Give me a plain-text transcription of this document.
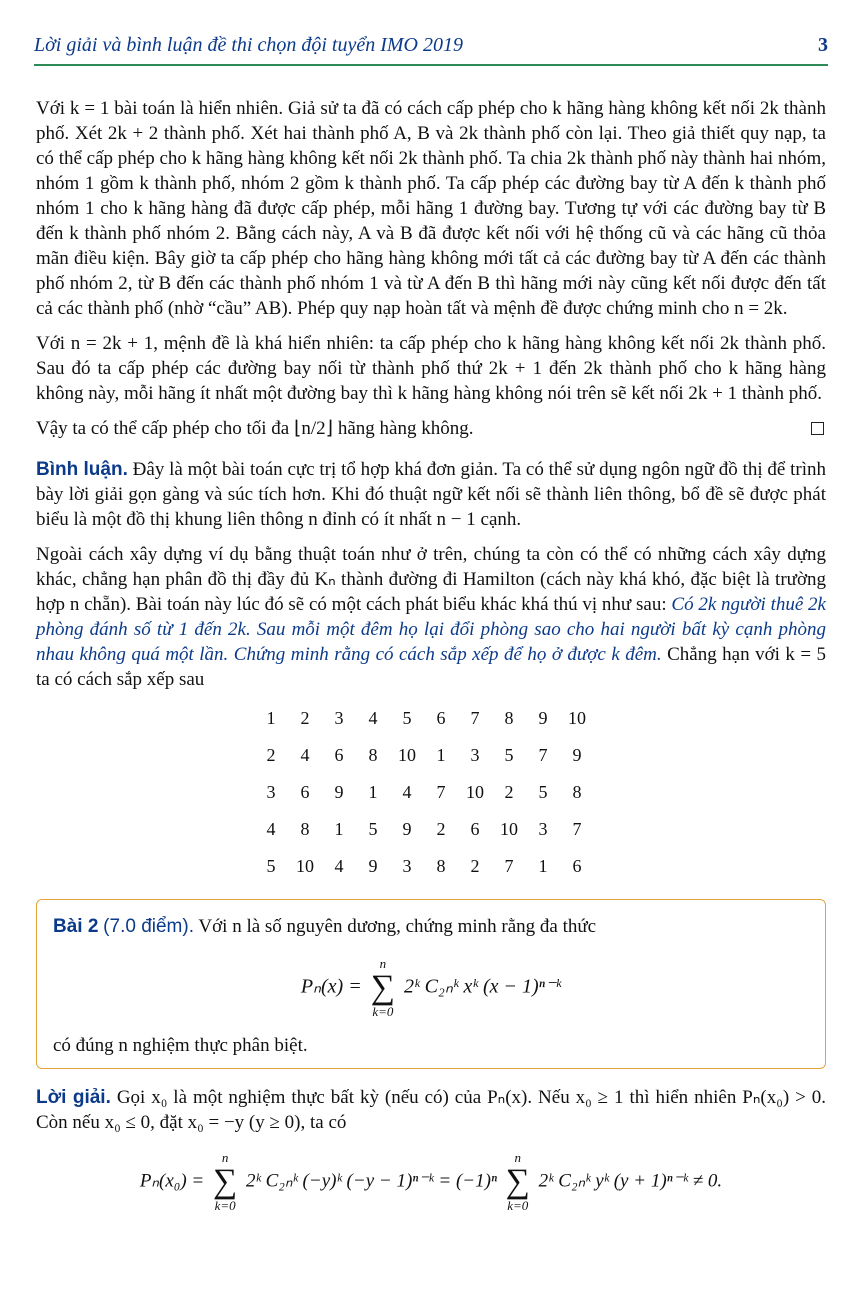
Lời giải và bình luận đề thi chọn đội tuyển IMO 2019	3

Với k = 1 bài toán là hiển nhiên. Giả sử ta đã có cách cấp phép cho k hãng hàng không kết nối 2k thành phố. Xét 2k + 2 thành phố. Xét hai thành phố A, B và 2k thành phố còn lại. Theo giả thiết quy nạp, ta có thể cấp phép cho k hãng hàng không kết nối 2k thành phố. Ta chia 2k thành phố này thành hai nhóm, nhóm 1 gồm k thành phố, nhóm 2 gồm k thành phố. Ta cấp phép các đường bay từ A đến k thành phố nhóm 1 cho k hãng hàng đã được cấp phép, mỗi hãng 1 đường bay. Tương tự với các đường bay từ B đến k thành phố nhóm 2. Bằng cách này, A và B đã được kết nối với hệ thống cũ và các hãng cũ thỏa mãn điều kiện. Bây giờ ta cấp phép cho hãng hàng không mới tất cả các đường bay từ A đến các thành phố nhóm 2, từ B đến các thành phố nhóm 1 và từ A đến B thì hãng mới này cũng kết nối được đến tất cả các thành phố (nhờ “cầu” AB). Phép quy nạp hoàn tất và mệnh đề được chứng minh cho n = 2k.

Với n = 2k + 1, mệnh đề là khá hiển nhiên: ta cấp phép cho k hãng hàng không kết nối 2k thành phố. Sau đó ta cấp phép các đường bay nối từ thành phố thứ 2k + 1 đến 2k thành phố cho k hãng hàng không này, mỗi hãng ít nhất một đường bay thì k hãng hàng không nói trên sẽ kết nối 2k + 1 thành phố.

Vậy ta có thể cấp phép cho tối đa ⌊n/2⌋ hãng hàng không.

Bình luận. Đây là một bài toán cực trị tổ hợp khá đơn giản. Ta có thể sử dụng ngôn ngữ đồ thị để trình bày lời giải gọn gàng và súc tích hơn. Khi đó thuật ngữ kết nối sẽ thành liên thông, bổ đề sẽ được phát biểu là một đồ thị khung liên thông n đỉnh có ít nhất n − 1 cạnh.

Ngoài cách xây dựng ví dụ bằng thuật toán như ở trên, chúng ta còn có thể có những cách xây dựng khác, chẳng hạn phân đồ thị đầy đủ Kₙ thành đường đi Hamilton (cách này khá khó, đặc biệt là trường hợp n chẵn). Bài toán này lúc đó sẽ có một cách phát biểu khác khá thú vị như sau: Có 2k người thuê 2k phòng đánh số từ 1 đến 2k. Sau mỗi một đêm họ lại đổi phòng sao cho hai người bất kỳ cạnh phòng nhau không quá một lần. Chứng minh rằng có cách sắp xếp để họ ở được k đêm. Chẳng hạn với k = 5 ta có cách sắp xếp sau

1	2	3	4	5	6	7	8	9	10
2	4	6	8	10	1	3	5	7	9
3	6	9	1	4	7	10	2	5	8
4	8	1	5	9	2	6	10	3	7
5	10	4	9	3	8	2	7	1	6
Bài 2 (7.0 điểm). Với n là số nguyên dương, chứng minh rằng đa thức
Pₙ(x) =
n
∑
k=0
2ᵏ C₂ₙᵏ xᵏ (x − 1)ⁿ⁻ᵏ
có đúng n nghiệm thực phân biệt.

Lời giải. Gọi x₀ là một nghiệm thực bất kỳ (nếu có) của Pₙ(x). Nếu x₀ ≥ 1 thì hiển nhiên Pₙ(x₀) > 0. Còn nếu x₀ ≤ 0, đặt x₀ = −y (y ≥ 0), ta có

Pₙ(x₀) =
n
∑
k=0
2ᵏ C₂ₙᵏ (−y)ᵏ (−y − 1)ⁿ⁻ᵏ = (−1)ⁿ
n
∑
k=0
2ᵏ C₂ₙᵏ yᵏ (y + 1)ⁿ⁻ᵏ ≠ 0.
